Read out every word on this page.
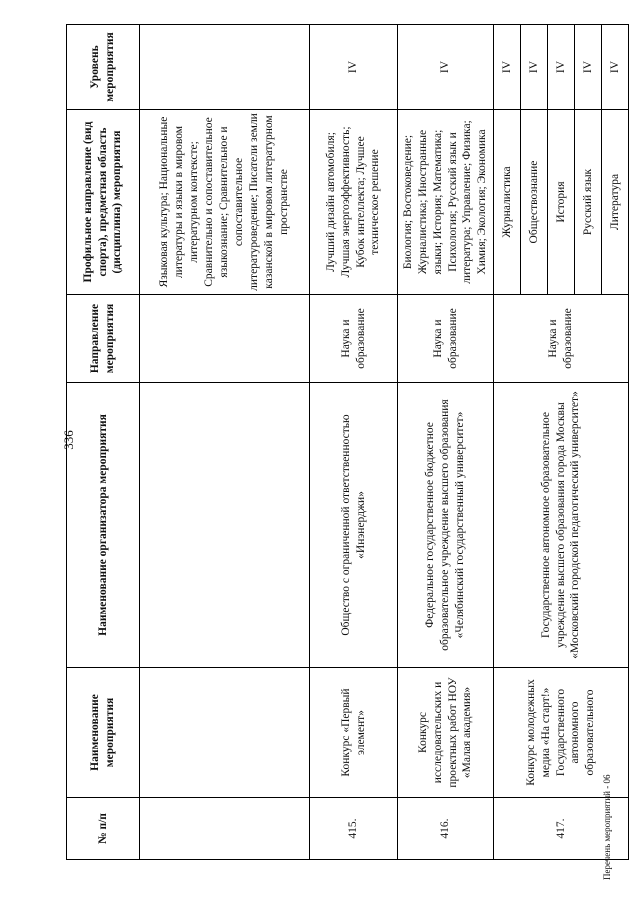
336
№ п/п	Наименование мероприятия	Наименование организатора мероприятия	Направление мероприятия	Профильное направление (вид спорта), предметная область (дисциплина) мероприятия	Уровень мероприятия
				Языковая культура; Национальные литературы и языки в мировом литературном контексте; Сравнительно и сопоставительное языкознание; Сравнительное и сопоставительное литературоведение; Писатели земли казанской в мировом литературном пространстве	
415.	Конкурс «Первый элемент»	Общество с ограниченной ответственностью «Инэнерджи»	Наука и образование	Лучший дизайн автомобиля; Лучшая энергоэффективность; Кубок интеллекта; Лучшее техническое решение	IV
416.	Конкурс исследовательских и проектных работ НОУ «Малая академия»	Федеральное государственное бюджетное образовательное учреждение высшего образования «Челябинский государственный университет»	Наука и образование	Биология; Востоковедение; Журналистика; Иностранные языки; История; Математика; Психология; Русский язык и литература; Управление; Физика; Химия; Экология; Экономика	IV
417.	Конкурс молодежных медиа «На старт!» Государственного автономного образовательного	Государственное автономное образовательное учреждение высшего образования города Москвы «Московский городской педагогический университет»	Наука и образование	Журналистика	IV
				Обществознание	IV
				История	IV
				Русский язык	IV
				Литература	IV
Перечень мероприятий - 06
